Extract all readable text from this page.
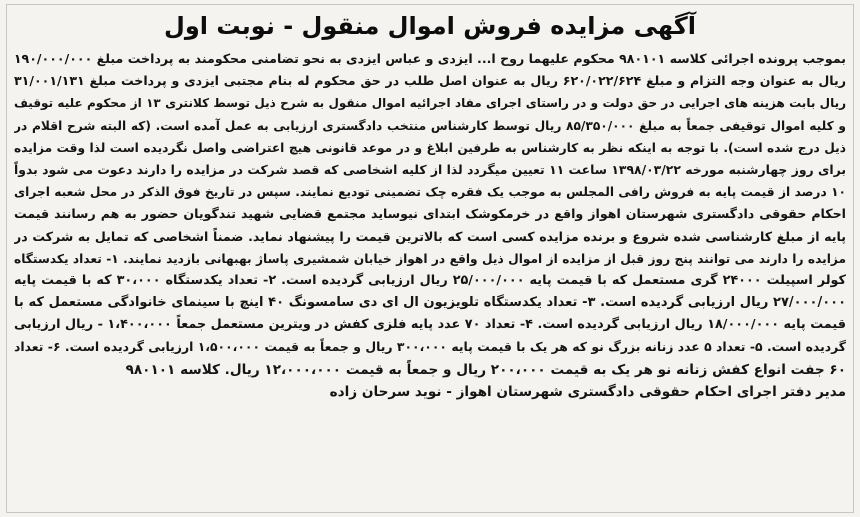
آگهی مزایده فروش اموال منقول - نوبت اول
بموجب پرونده اجرائی کلاسه ۹۸۰۱۰۱ محکوم علیهما روح ا... ایزدی و عباس ایزدی به نحو تضامنی محکومند به پرداخت مبلغ ۱۹۰/۰۰۰/۰۰۰
ریال به عنوان وجه التزام و مبلغ ۶۲۰/۰۲۲/۶۲۴ ریال به عنوان اصل طلب در حق محکوم له بنام مجتبی ایزدی و پرداخت مبلغ ۳۱/۰۰۱/۱۳۱
ریال بابت هزینه های اجرایی در حق دولت و در راستای اجرای مفاد اجرائیه اموال منقول به شرح ذیل توسط کلانتری ۱۳ از محکوم علیه توقیف
و کلیه اموال توقیفی جمعاً به مبلغ ۸۵/۳۵۰/۰۰۰ ریال توسط کارشناس منتخب دادگستری ارزیابی به عمل آمده است. (که البته شرح اقلام در
ذیل درج شده است). با توجه به اینکه نظر به کارشناس به طرفین ابلاغ و در موعد قانونی هیچ اعتراضی واصل نگردیده است لذا وقت مزایده
برای روز چهارشنبه مورخه ۱۳۹۸/۰۳/۲۲ ساعت ۱۱ تعیین میگردد لذا از کلیه اشخاصی که قصد شرکت در مزایده را دارند دعوت می شود بدواً
۱۰ درصد از قیمت پایه به فروش رافی المجلس به موجب یک فقره چک تضمینی تودیع نمایند. سپس در تاریخ فوق الذکر در محل شعبه اجرای
احکام حقوقی دادگستری شهرستان اهواز واقع در خرمکوشک ابتدای نیوساید مجتمع قضایی شهید تندگویان حضور به هم رسانند قیمت
پایه از مبلغ کارشناسی شده شروع و برنده مزایده کسی است که بالاترین قیمت را پیشنهاد نماید. ضمناً اشخاصی که تمایل به شرکت در
مزایده را دارند می توانند پنج روز قبل از مزایده از اموال ذیل واقع در اهواز خیابان شمشیری پاساژ بهبهانی بازدید نمایند. ۱- تعداد یکدستگاه
کولر اسپیلت ۲۴۰۰۰ گری مستعمل که با قیمت پایه ۲۵/۰۰۰/۰۰۰ ریال ارزیابی گردیده است. ۲- تعداد یکدستگاه ۳۰،۰۰۰ که با قیمت پایه
۲۷/۰۰۰/۰۰۰ ریال ارزیابی گردیده است. ۳- تعداد یکدستگاه تلویزیون ال ای دی سامسونگ ۴۰ اینچ با سینمای خانوادگی مستعمل که با
قیمت پایه ۱۸/۰۰۰/۰۰۰ ریال ارزیابی گردیده است. ۴- تعداد ۷۰ عدد پایه فلزی کفش در ویترین مستعمل جمعاً ۱،۴۰۰،۰۰۰ - ریال ارزیابی
گردیده است. ۵- تعداد ۵ عدد زنانه بزرگ نو که هر یک با قیمت پایه ۳۰۰،۰۰۰ ریال و جمعاً به قیمت ۱،۵۰۰،۰۰۰ ارزیابی گردیده است. ۶- تعداد
۶۰ جفت انواع کفش زنانه نو هر یک به قیمت ۲۰۰،۰۰۰ ریال و جمعاً به قیمت ۱۲،۰۰۰،۰۰۰ ریال. کلاسه ۹۸۰۱۰۱
مدیر دفتر اجرای احکام حقوقی دادگستری شهرستان اهواز - نوید سرحان زاده
